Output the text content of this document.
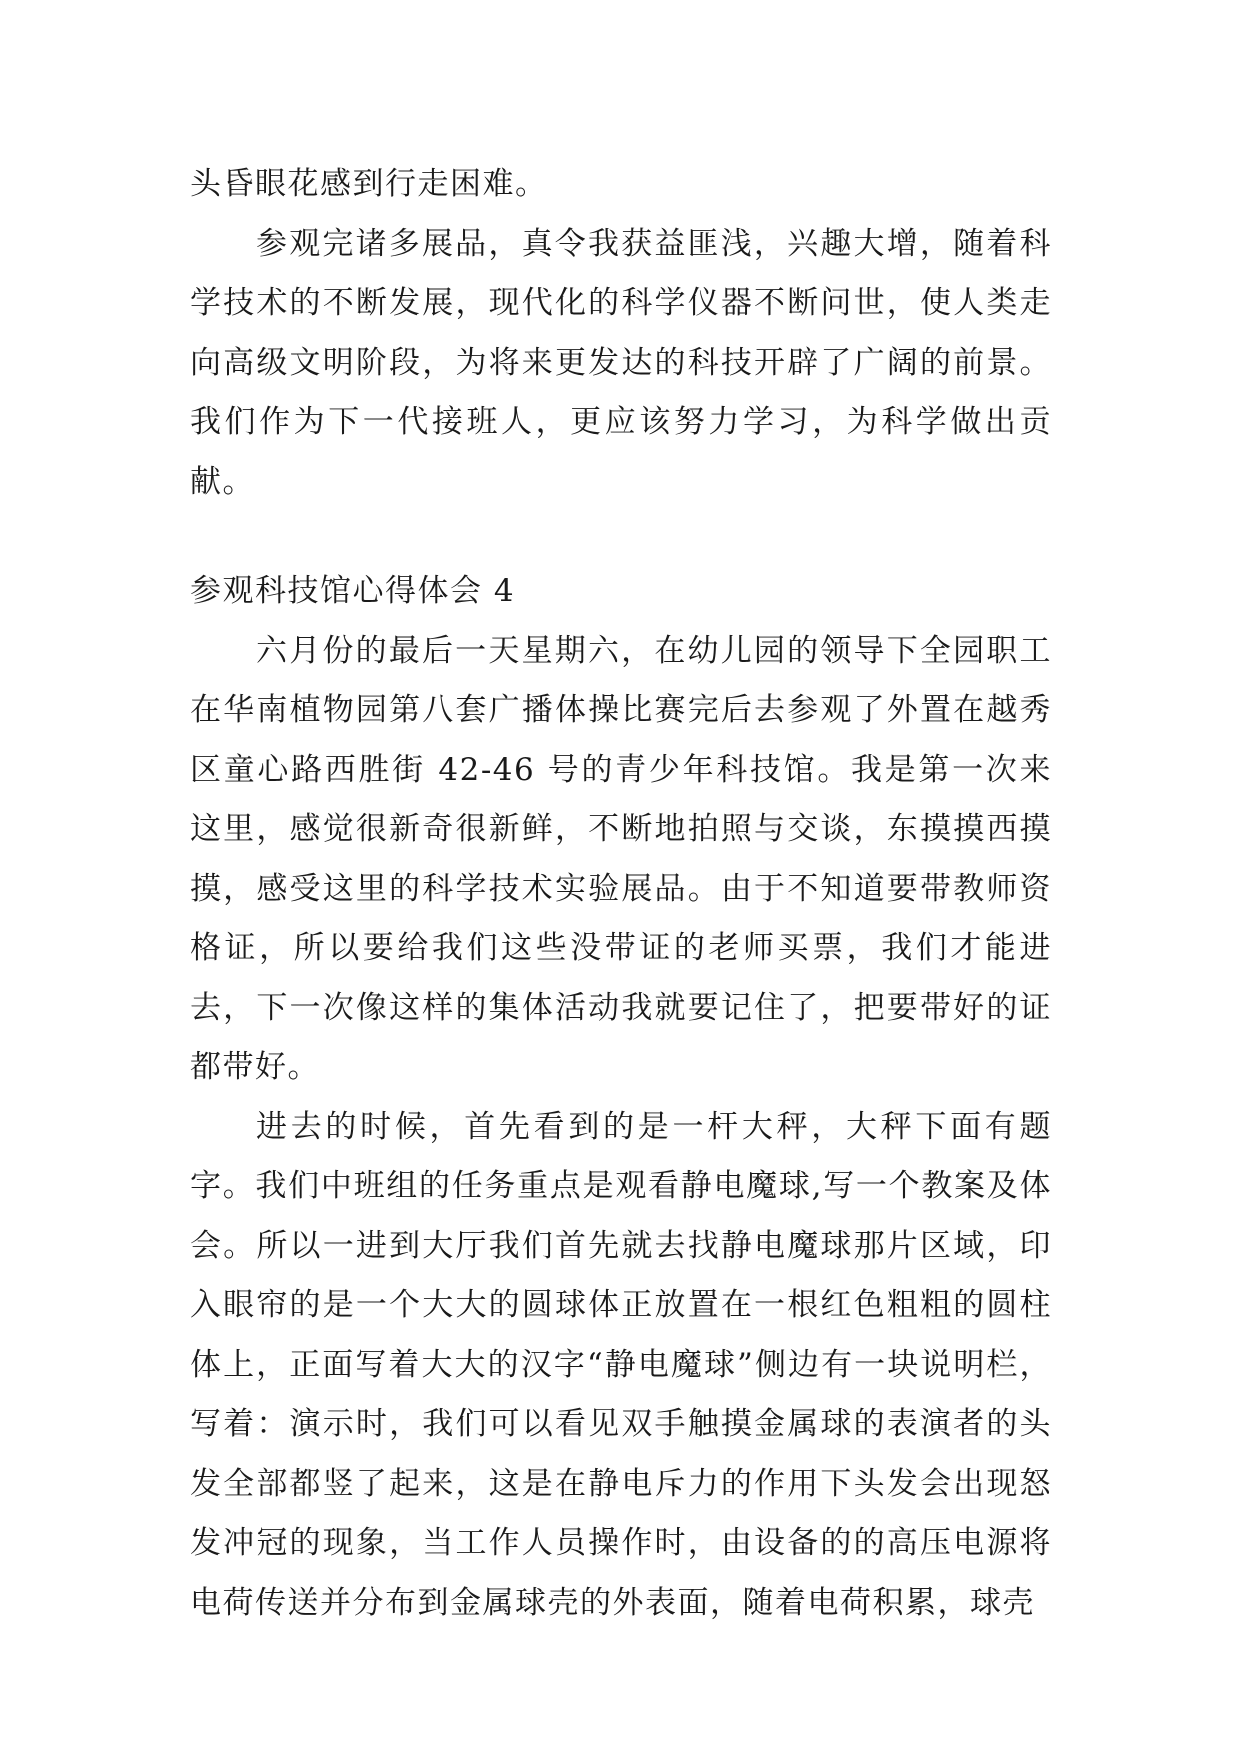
头昏眼花感到行走困难。

参观完诸多展品，真令我获益匪浅，兴趣大增，随着科学技术的不断发展，现代化的科学仪器不断问世，使人类走向高级文明阶段，为将来更发达的科技开辟了广阔的前景。我们作为下一代接班人，更应该努力学习，为科学做出贡献。

参观科技馆心得体会 4

六月份的最后一天星期六，在幼儿园的领导下全园职工在华南植物园第八套广播体操比赛完后去参观了外置在越秀区童心路西胜街 42-46 号的青少年科技馆。我是第一次来这里，感觉很新奇很新鲜，不断地拍照与交谈，东摸摸西摸摸，感受这里的科学技术实验展品。由于不知道要带教师资格证，所以要给我们这些没带证的老师买票，我们才能进去，下一次像这样的集体活动我就要记住了，把要带好的证都带好。

进去的时候，首先看到的是一杆大秤，大秤下面有题字。我们中班组的任务重点是观看静电魔球,写一个教案及体会。所以一进到大厅我们首先就去找静电魔球那片区域，印入眼帘的是一个大大的圆球体正放置在一根红色粗粗的圆柱体上，正面写着大大的汉字“静电魔球”侧边有一块说明栏，写着：演示时，我们可以看见双手触摸金属球的表演者的头发全部都竖了起来，这是在静电斥力的作用下头发会出现怒发冲冠的现象，当工作人员操作时，由设备的的高压电源将电荷传送并分布到金属球壳的外表面，随着电荷积累，球壳
